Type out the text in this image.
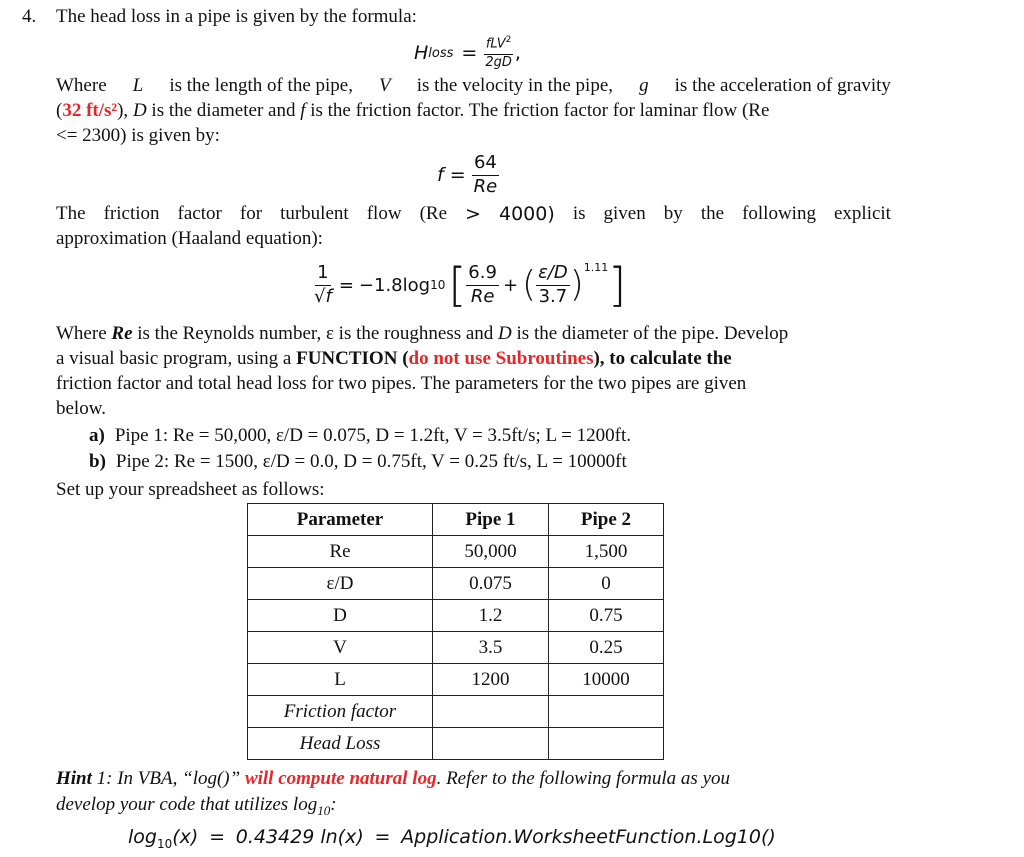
4. The head loss in a pipe is given by the formula:
H loss = $\frac{fLV^2}{2gD}$ ,
Where L is the length of the pipe, V is the velocity in the pipe, g is the acceleration of gravity
(32 ft/s²), D is the diameter and f is the friction factor. The friction factor for laminar flow (Re
<= 2300) is given by:
$f = \frac{64}{Re}$
The friction factor for turbulent flow (Re > 4000) is given by the following explicit
approximation (Haaland equation):
$\frac{1}{√f} = -1.8\log$ 10 [ $\frac{6.9}{Re}$ + ( $\frac{\varepsilon/D}{3.7} )^{1.11}$ ]
Where Re is the Reynolds number, ε is the roughness and D is the diameter of the pipe. Develop
a visual basic program, using a FUNCTION (do not use Subroutines), to calculate the
friction factor and total head loss for two pipes. The parameters for the two pipes are given
below.
a) Pipe 1: Re = 50,000, ε/D = 0.075, D = 1.2ft, V = 3.5ft/s; L = 1200ft.
b) Pipe 2: Re = 1500, ε/D = 0.0, D = 0.75ft, V = 0.25 ft/s, L = 10000ft
Set up your spreadsheet as follows:
Parameter	Pipe 1	Pipe 2
Re	50,000	1,500
ε/D	0.075	0
D	1.2	0.75
V	3.5	0.25
L	1200	10000
Friction factor		
Head Loss		
Hint 1: In VBA, “log()” will compute natural log. Refer to the following formula as you
develop your code that utilizes $\log_{10}$:
$\log_{10}(x) = 0.43429$ ln(x) = Application.WorksheetFunction.Log10()
